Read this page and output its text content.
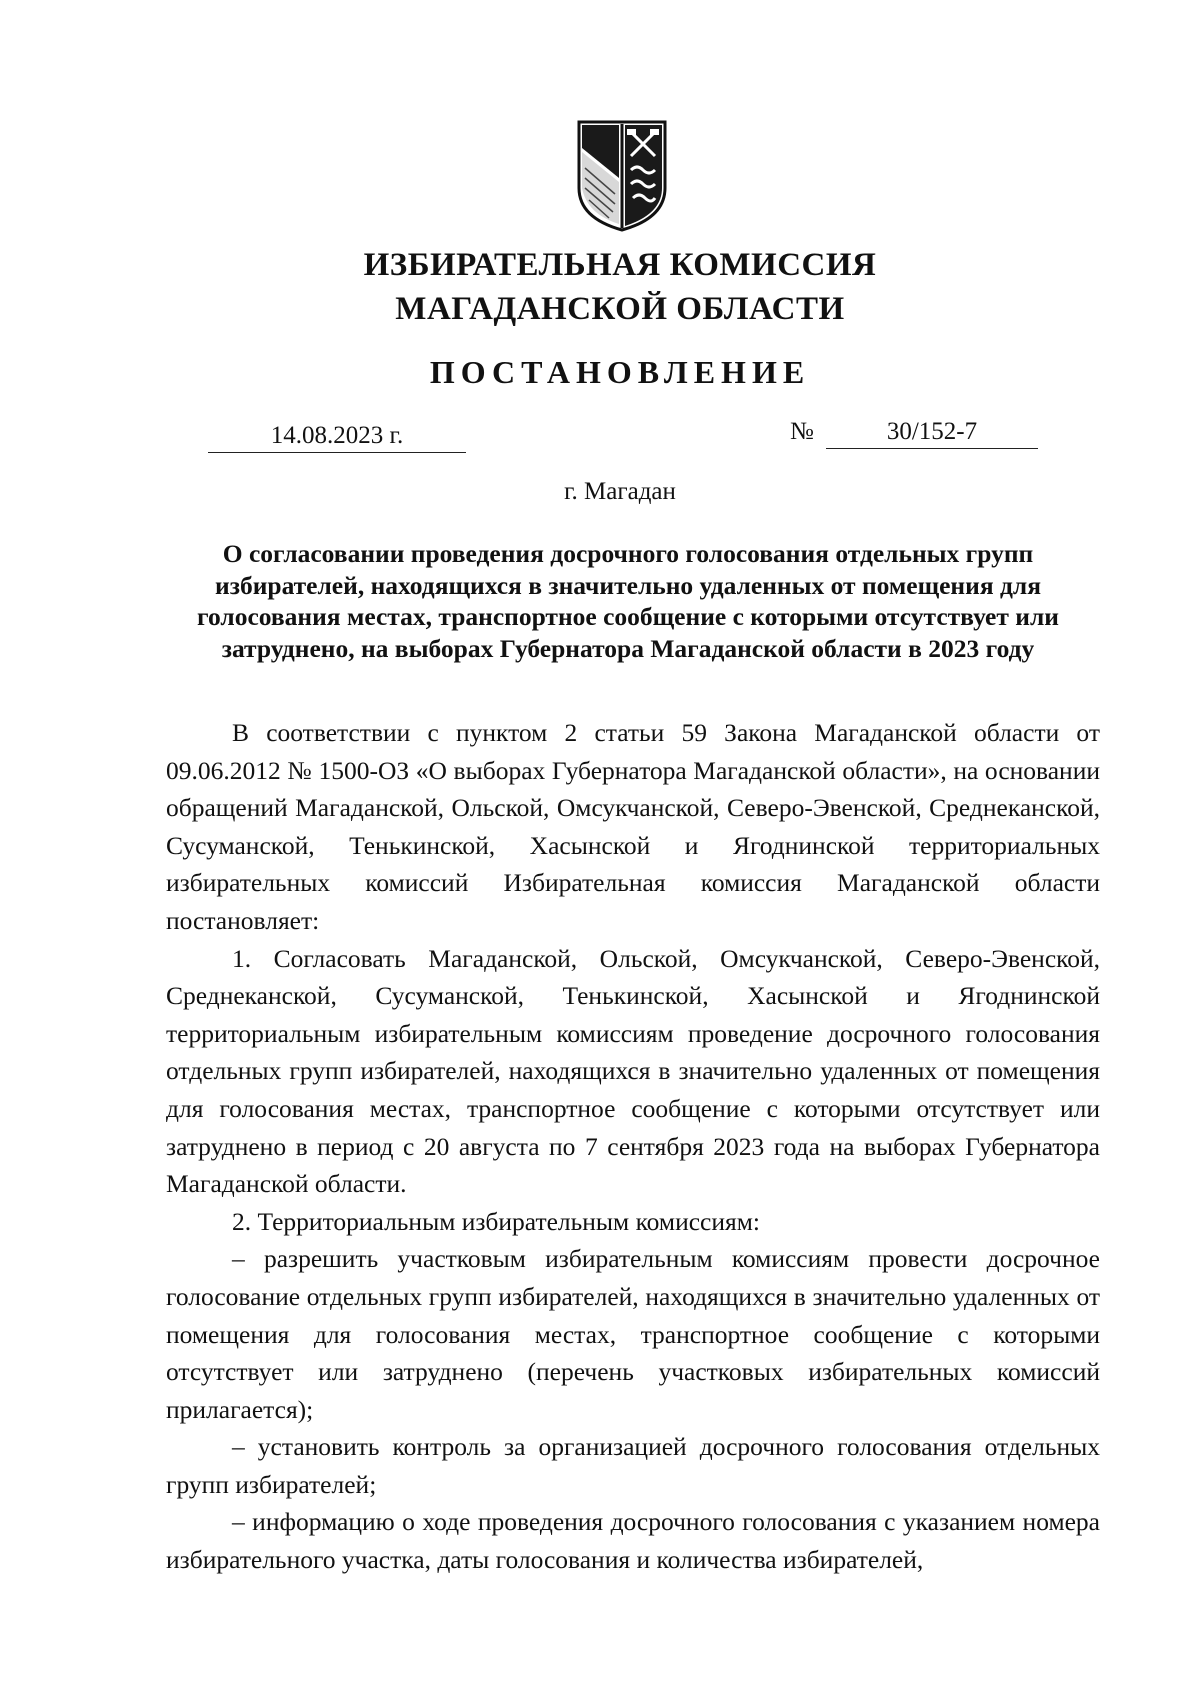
ИЗБИРАТЕЛЬНАЯ КОМИССИЯ
МАГАДАНСКОЙ ОБЛАСТИ
ПОСТАНОВЛЕНИЕ
14.08.2023 г.	№	30/152-7
г. Магадан
О согласовании проведения досрочного голосования отдельных групп избирателей, находящихся в значительно удаленных от помещения для голосования местах, транспортное сообщение с которыми отсутствует или затруднено, на выборах Губернатора Магаданской области в 2023 году

В соответствии с пунктом 2 статьи 59 Закона Магаданской области от 09.06.2012 № 1500-ОЗ «О выборах Губернатора Магаданской области», на основании обращений Магаданской, Ольской, Омсукчанской, Северо-Эвенской, Среднеканской, Сусуманской, Тенькинской, Хасынской и Ягоднинской территориальных избирательных комиссий Избирательная комиссия Магаданской области постановляет:

1. Согласовать Магаданской, Ольской, Омсукчанской, Северо-Эвенской, Среднеканской, Сусуманской, Тенькинской, Хасынской и Ягоднинской территориальным избирательным комиссиям проведение досрочного голосования отдельных групп избирателей, находящихся в значительно удаленных от помещения для голосования местах, транспортное сообщение с которыми отсутствует или затруднено в период с 20 августа по 7 сентября 2023 года на выборах Губернатора Магаданской области.

2. Территориальным избирательным комиссиям:

– разрешить участковым избирательным комиссиям провести досрочное голосование отдельных групп избирателей, находящихся в значительно удаленных от помещения для голосования местах, транспортное сообщение с которыми отсутствует или затруднено (перечень участковых избирательных комиссий прилагается);

– установить контроль за организацией досрочного голосования отдельных групп избирателей;

– информацию о ходе проведения досрочного голосования с указанием номера избирательного участка, даты голосования и количества избирателей,
